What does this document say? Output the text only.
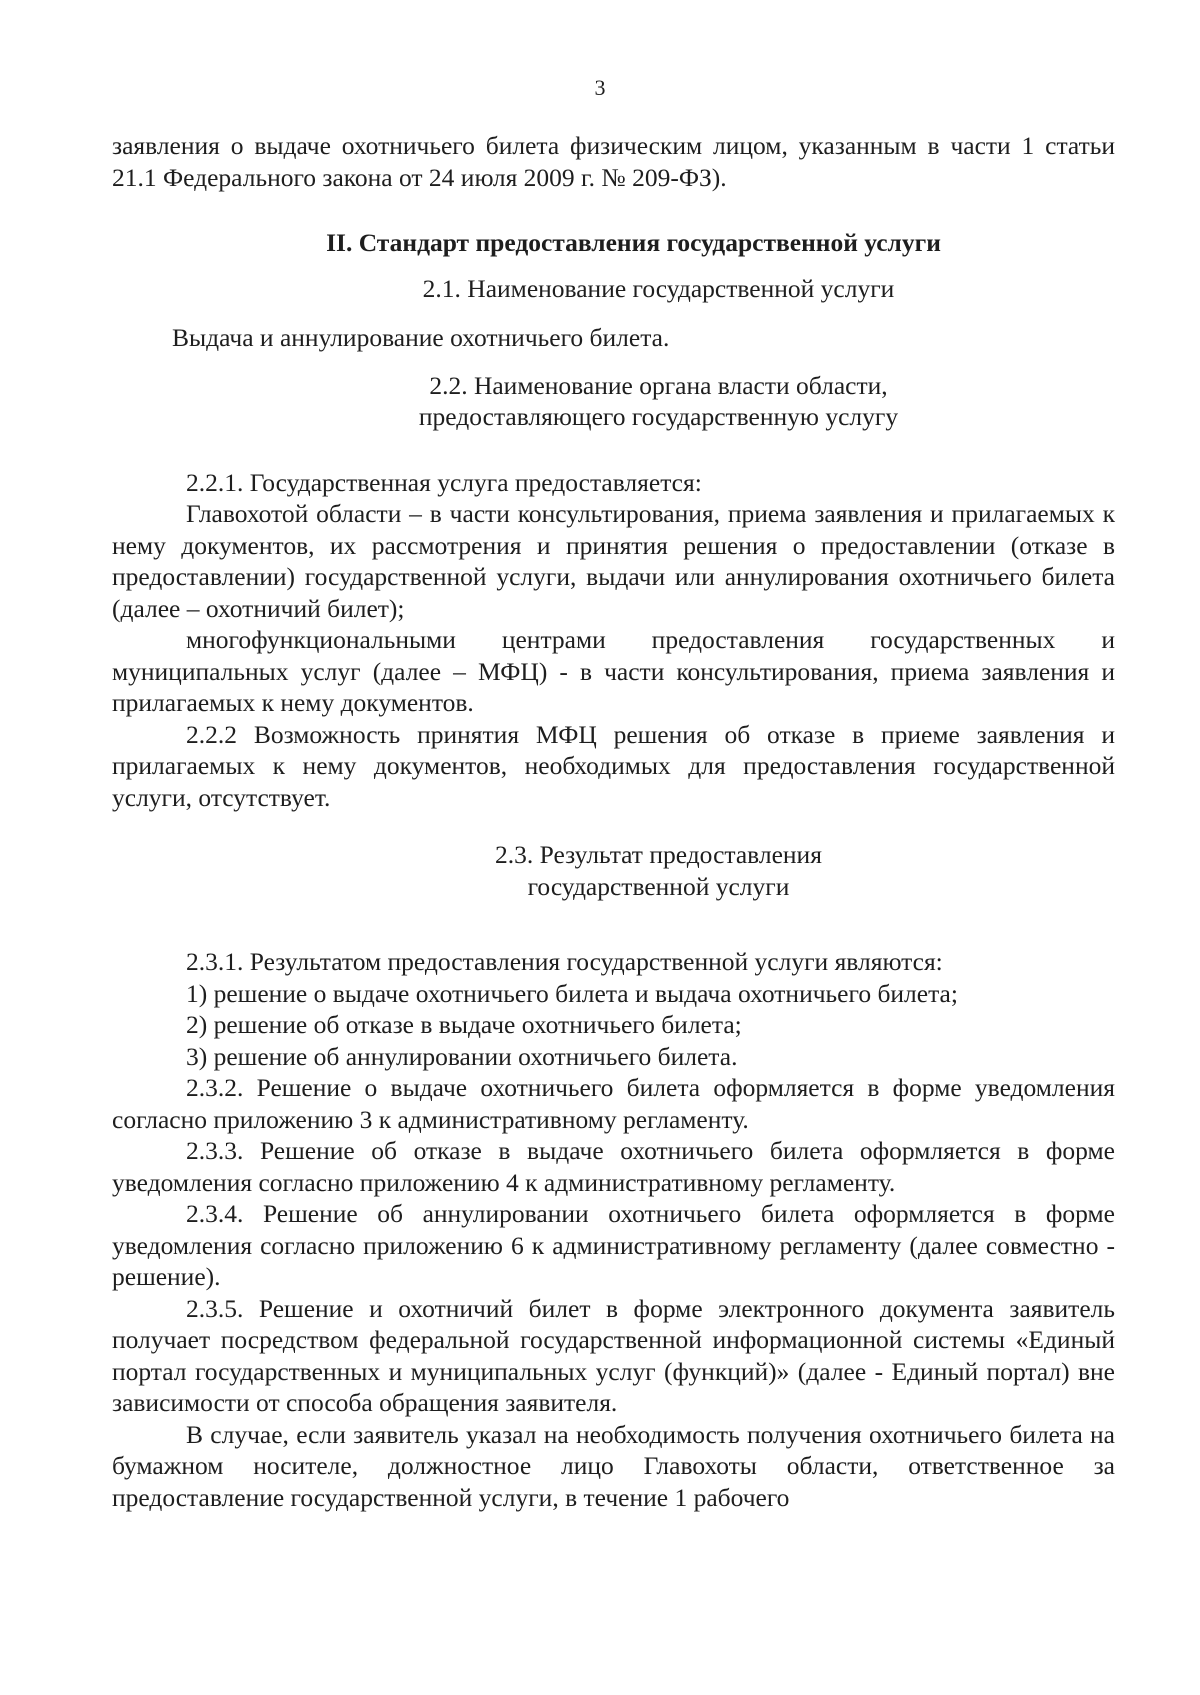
3

заявления о выдаче охотничьего билета физическим лицом, указанным в части 1 статьи 21.1 Федерального закона от 24 июля 2009 г. № 209-ФЗ).

II. Стандарт предоставления государственной услуги

2.1. Наименование государственной услуги

Выдача и аннулирование охотничьего билета.

2.2. Наименование органа власти области,

предоставляющего государственную услугу

2.2.1. Государственная услуга предоставляется:

Главохотой области – в части консультирования, приема заявления и прилагаемых к нему документов, их рассмотрения и принятия решения о предоставлении (отказе в предоставлении) государственной услуги, выдачи или аннулирования охотничьего билета (далее – охотничий билет);

многофункциональными центрами предоставления государственных и муниципальных услуг (далее – МФЦ) - в части консультирования, приема заявления и прилагаемых к нему документов.

2.2.2 Возможность принятия МФЦ решения об отказе в приеме заявления и прилагаемых к нему документов, необходимых для предоставления государственной услуги, отсутствует.

2.3. Результат предоставления

государственной услуги

2.3.1. Результатом предоставления государственной услуги являются:

1) решение о выдаче охотничьего билета и выдача охотничьего билета;

2) решение об отказе в выдаче охотничьего билета;

3) решение об аннулировании охотничьего билета.

2.3.2. Решение о выдаче охотничьего билета оформляется в форме уведомления согласно приложению 3 к административному регламенту.

2.3.3. Решение об отказе в выдаче охотничьего билета оформляется в форме уведомления согласно приложению 4 к административному регламенту.

2.3.4. Решение об аннулировании охотничьего билета оформляется в форме уведомления согласно приложению 6 к административному регламенту (далее совместно - решение).

2.3.5. Решение и охотничий билет в форме электронного документа заявитель получает посредством федеральной государственной информационной системы «Единый портал государственных и муниципальных услуг (функций)» (далее - Единый портал) вне зависимости от способа обращения заявителя.

В случае, если заявитель указал на необходимость получения охотничьего билета на бумажном носителе, должностное лицо Главохоты области, ответственное за предоставление государственной услуги, в течение 1 рабочего
